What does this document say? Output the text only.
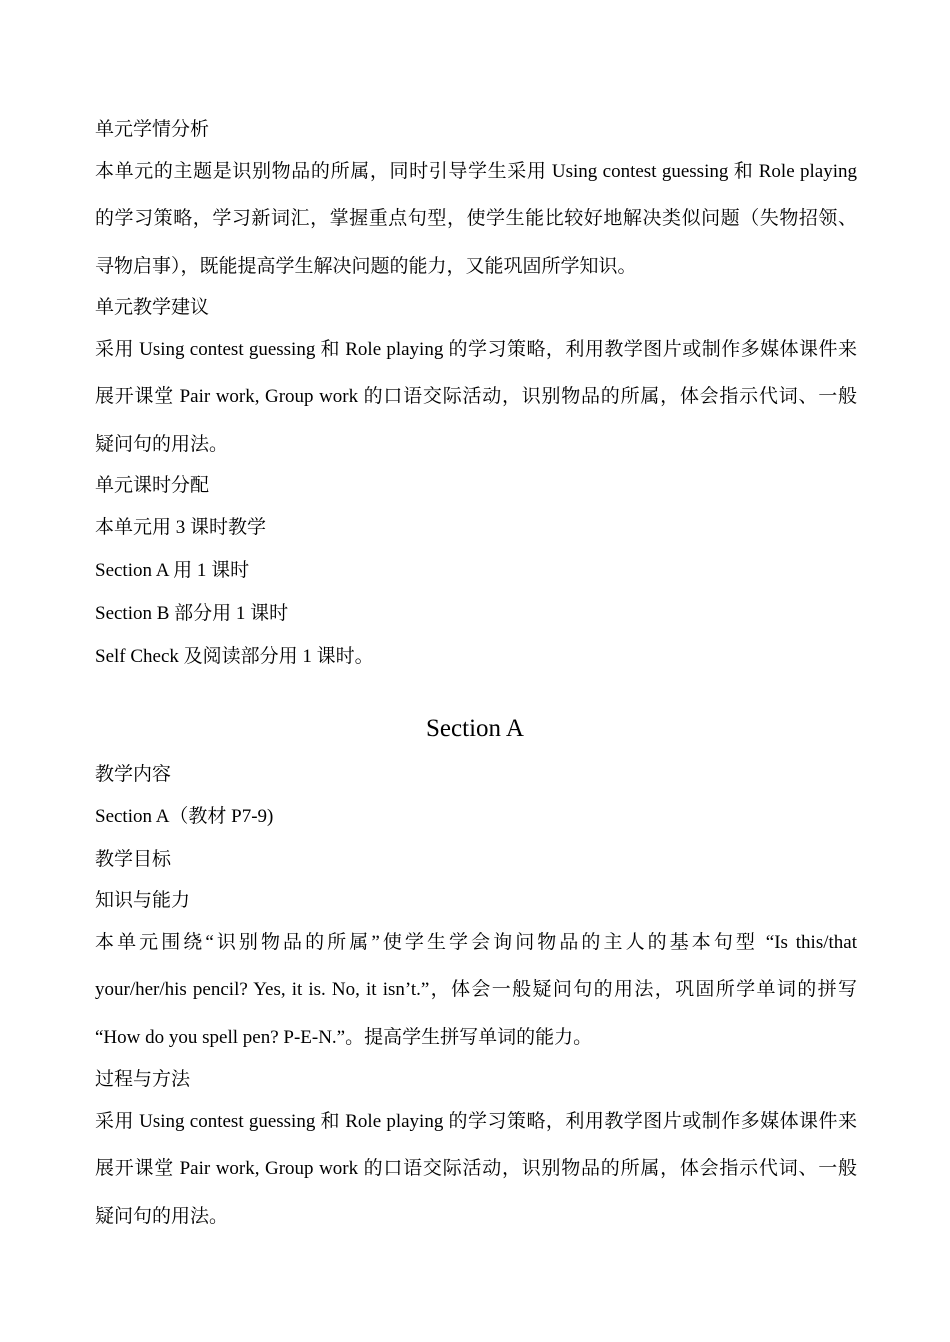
单元学情分析

本单元的主题是识别物品的所属，同时引导学生采用 Using contest guessing 和 Role playing

的学习策略，学习新词汇，掌握重点句型，使学生能比较好地解决类似问题（失物招领、

寻物启事），既能提高学生解决问题的能力，又能巩固所学知识。

单元教学建议

采用 Using contest guessing 和 Role playing 的学习策略，利用教学图片或制作多媒体课件来

展开课堂 Pair work, Group work 的口语交际活动，识别物品的所属，体会指示代词、一般

疑问句的用法。

单元课时分配

本单元用 3 课时教学

Section A 用 1 课时

Section B 部分用 1 课时

Self Check 及阅读部分用 1 课时。

Section A

教学内容

Section A（教材 P7-9)

教学目标

知识与能力

本单元围绕“识别物品的所属”使学生学会询问物品的主人的基本句型 “Is this/that

your/her/his pencil? Yes, it is. No, it isn’t.”，体会一般疑问句的用法，巩固所学单词的拼写

“How do you spell pen? P-E-N.”。提高学生拼写单词的能力。

过程与方法

采用 Using contest guessing 和 Role playing 的学习策略，利用教学图片或制作多媒体课件来

展开课堂 Pair work, Group work 的口语交际活动，识别物品的所属，体会指示代词、一般

疑问句的用法。
